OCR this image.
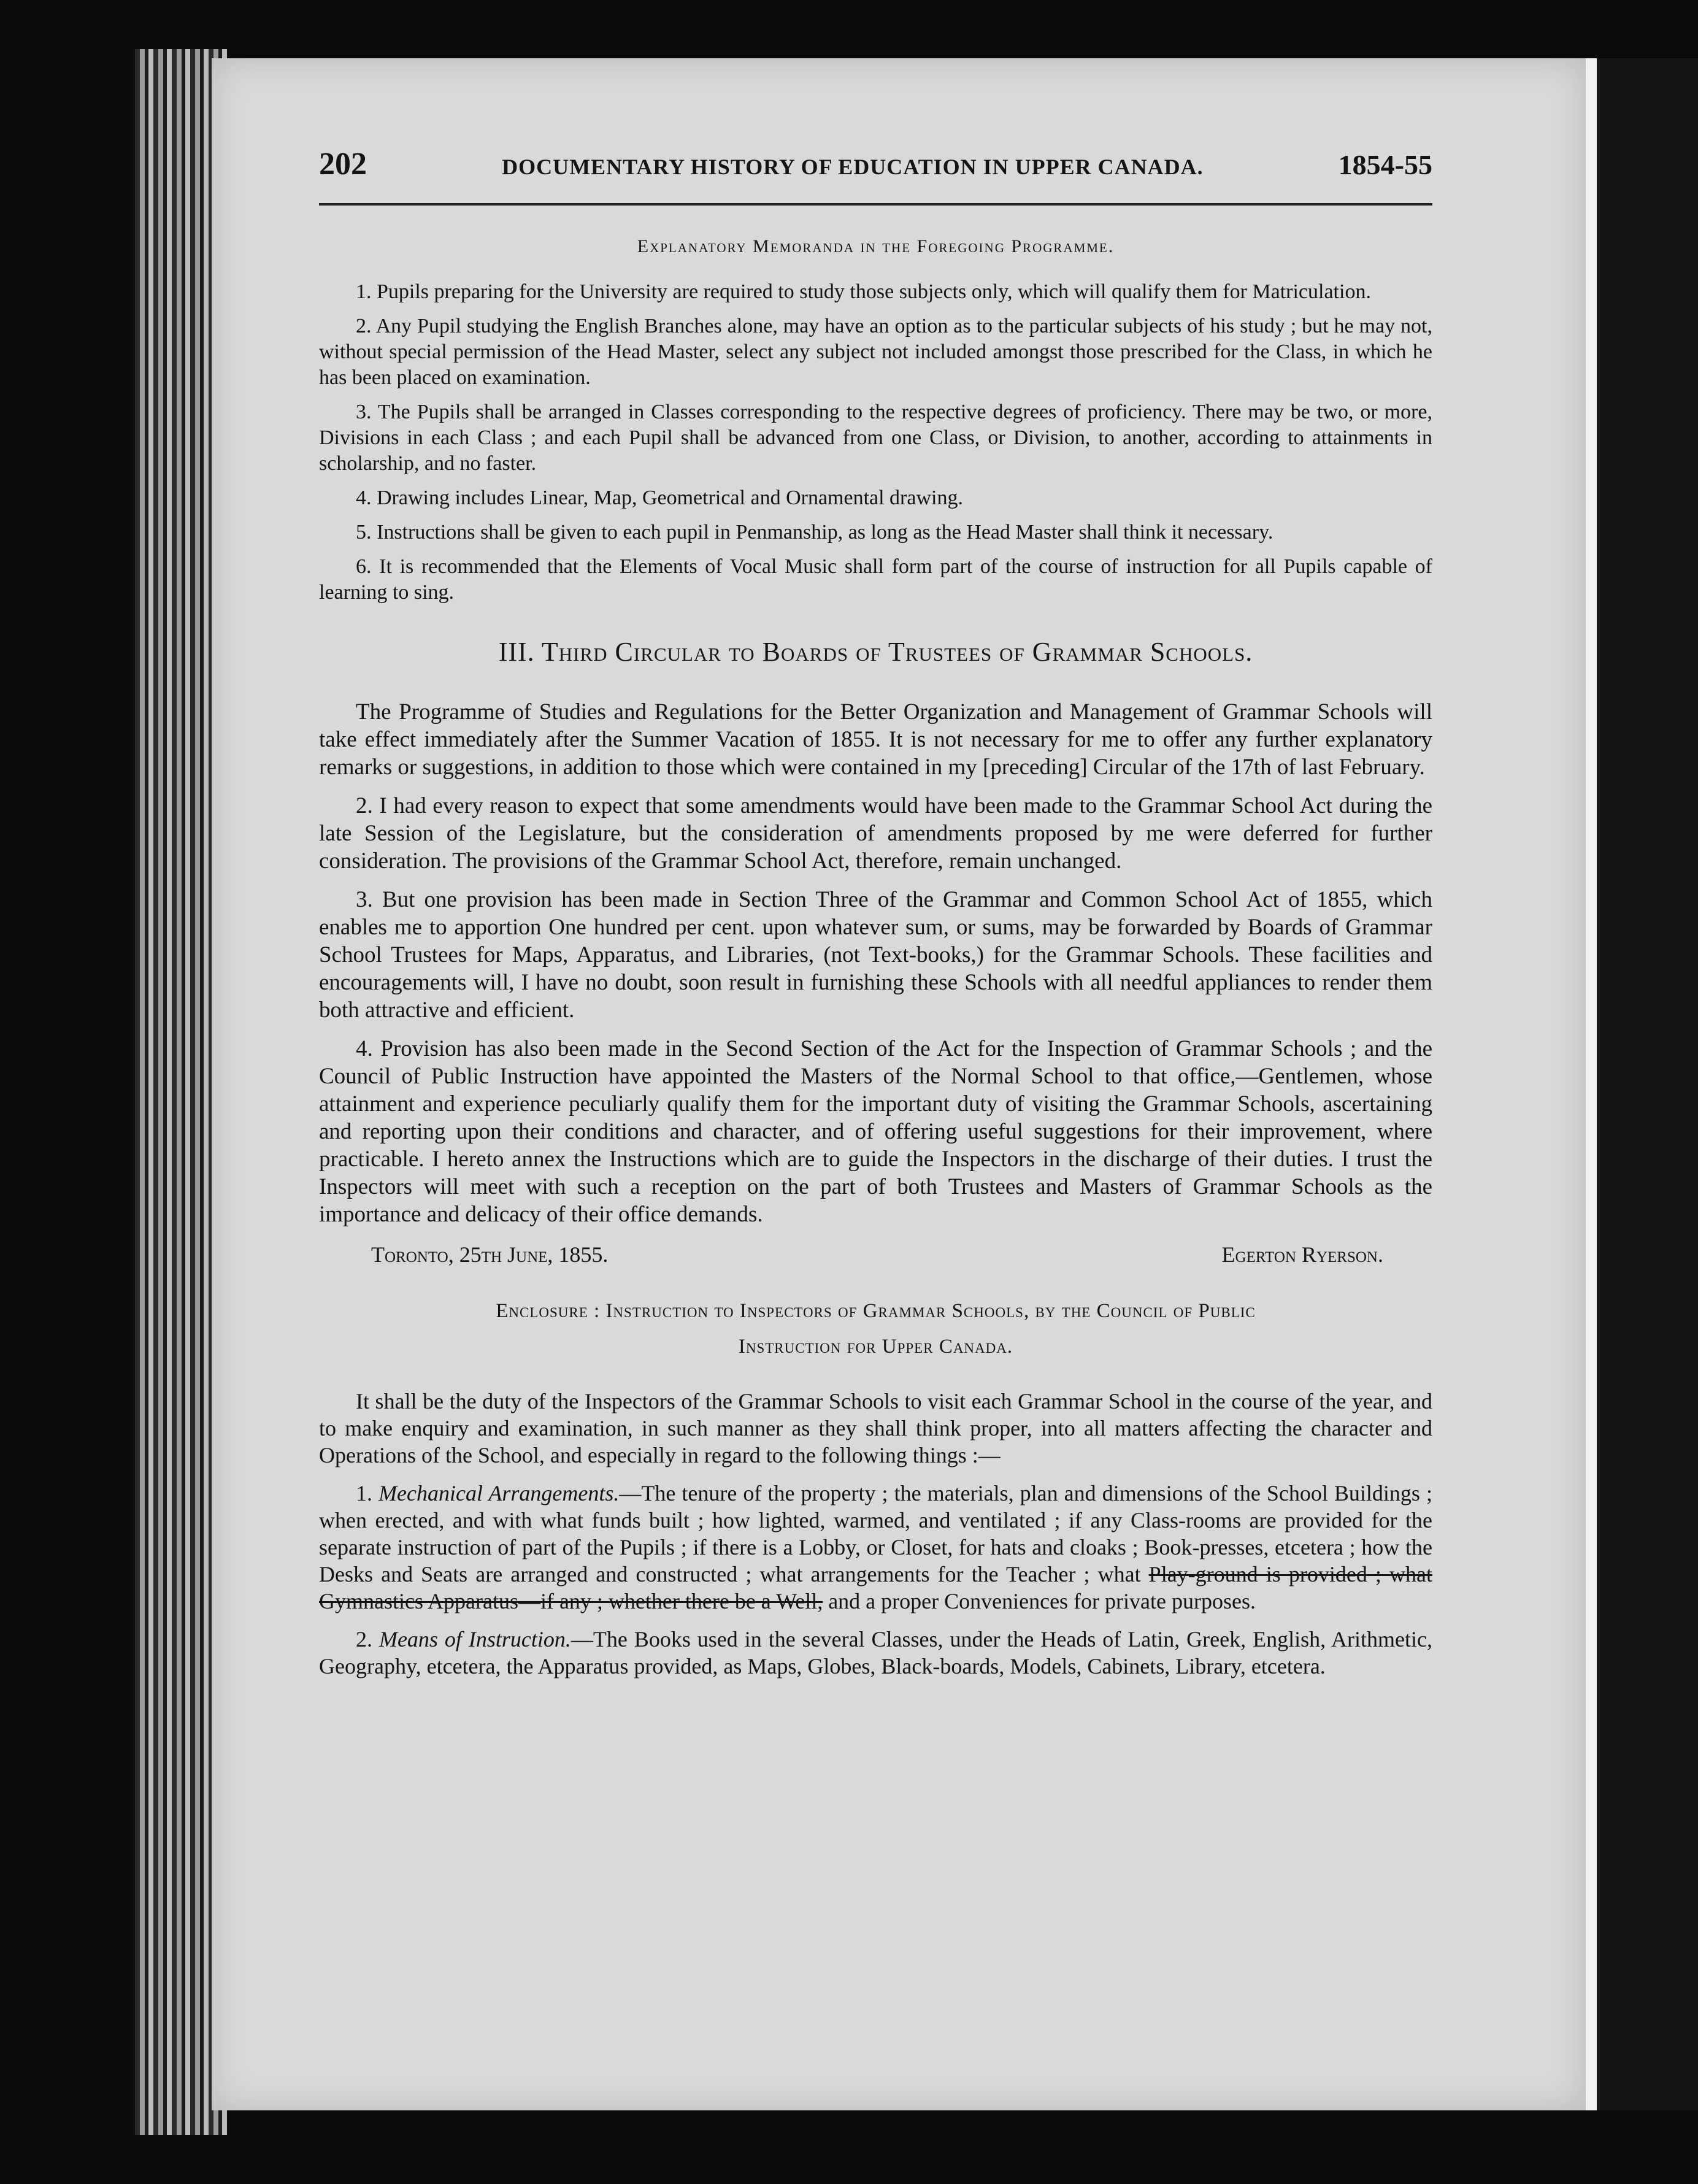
202	DOCUMENTARY HISTORY OF EDUCATION IN UPPER CANADA.	1854-55
Explanatory Memoranda in the Foregoing Programme.

1. Pupils preparing for the University are required to study those subjects only, which will qualify them for Matriculation.

2. Any Pupil studying the English Branches alone, may have an option as to the particular subjects of his study ; but he may not, without special permission of the Head Master, select any subject not included amongst those prescribed for the Class, in which he has been placed on examination.

3. The Pupils shall be arranged in Classes corresponding to the respective degrees of proficiency. There may be two, or more, Divisions in each Class ; and each Pupil shall be advanced from one Class, or Division, to another, according to attainments in scholarship, and no faster.

4. Drawing includes Linear, Map, Geometrical and Ornamental drawing.

5. Instructions shall be given to each pupil in Penmanship, as long as the Head Master shall think it necessary.

6. It is recommended that the Elements of Vocal Music shall form part of the course of instruction for all Pupils capable of learning to sing.

III. Third Circular to Boards of Trustees of Grammar Schools.

The Programme of Studies and Regulations for the Better Organization and Management of Grammar Schools will take effect immediately after the Summer Vacation of 1855. It is not necessary for me to offer any further explanatory remarks or suggestions, in addition to those which were contained in my [preceding] Circular of the 17th of last February.

2. I had every reason to expect that some amendments would have been made to the Grammar School Act during the late Session of the Legislature, but the consideration of amendments proposed by me were deferred for further consideration. The provisions of the Grammar School Act, therefore, remain unchanged.

3. But one provision has been made in Section Three of the Grammar and Common School Act of 1855, which enables me to apportion One hundred per cent. upon whatever sum, or sums, may be forwarded by Boards of Grammar School Trustees for Maps, Apparatus, and Libraries, (not Text-books,) for the Grammar Schools. These facilities and encouragements will, I have no doubt, soon result in furnishing these Schools with all needful appliances to render them both attractive and efficient.

4. Provision has also been made in the Second Section of the Act for the Inspection of Grammar Schools ; and the Council of Public Instruction have appointed the Masters of the Normal School to that office,—Gentlemen, whose attainment and experience peculiarly qualify them for the important duty of visiting the Grammar Schools, ascertaining and reporting upon their conditions and character, and of offering useful suggestions for their improvement, where practicable. I hereto annex the Instructions which are to guide the Inspectors in the discharge of their duties. I trust the Inspectors will meet with such a reception on the part of both Trustees and Masters of Grammar Schools as the importance and delicacy of their office demands.

Toronto, 25th June, 1855.	Egerton Ryerson.
Enclosure : Instruction to Inspectors of Grammar Schools, by the Council of Public
Instruction for Upper Canada.

It shall be the duty of the Inspectors of the Grammar Schools to visit each Grammar School in the course of the year, and to make enquiry and examination, in such manner as they shall think proper, into all matters affecting the character and Operations of the School, and especially in regard to the following things :—

1. Mechanical Arrangements.—The tenure of the property ; the materials, plan and dimensions of the School Buildings ; when erected, and with what funds built ; how lighted, warmed, and ventilated ; if any Class-rooms are provided for the separate instruction of part of the Pupils ; if there is a Lobby, or Closet, for hats and cloaks ; Book-presses, etcetera ; how the Desks and Seats are arranged and constructed ; what arrangements for the Teacher ; what Play-ground is provided ; what Gymnastics Apparatus—if any ; whether there be a Well, and a proper Conveniences for private purposes.

2. Means of Instruction.—The Books used in the several Classes, under the Heads of Latin, Greek, English, Arithmetic, Geography, etcetera, the Apparatus provided, as Maps, Globes, Black-boards, Models, Cabinets, Library, etcetera.
